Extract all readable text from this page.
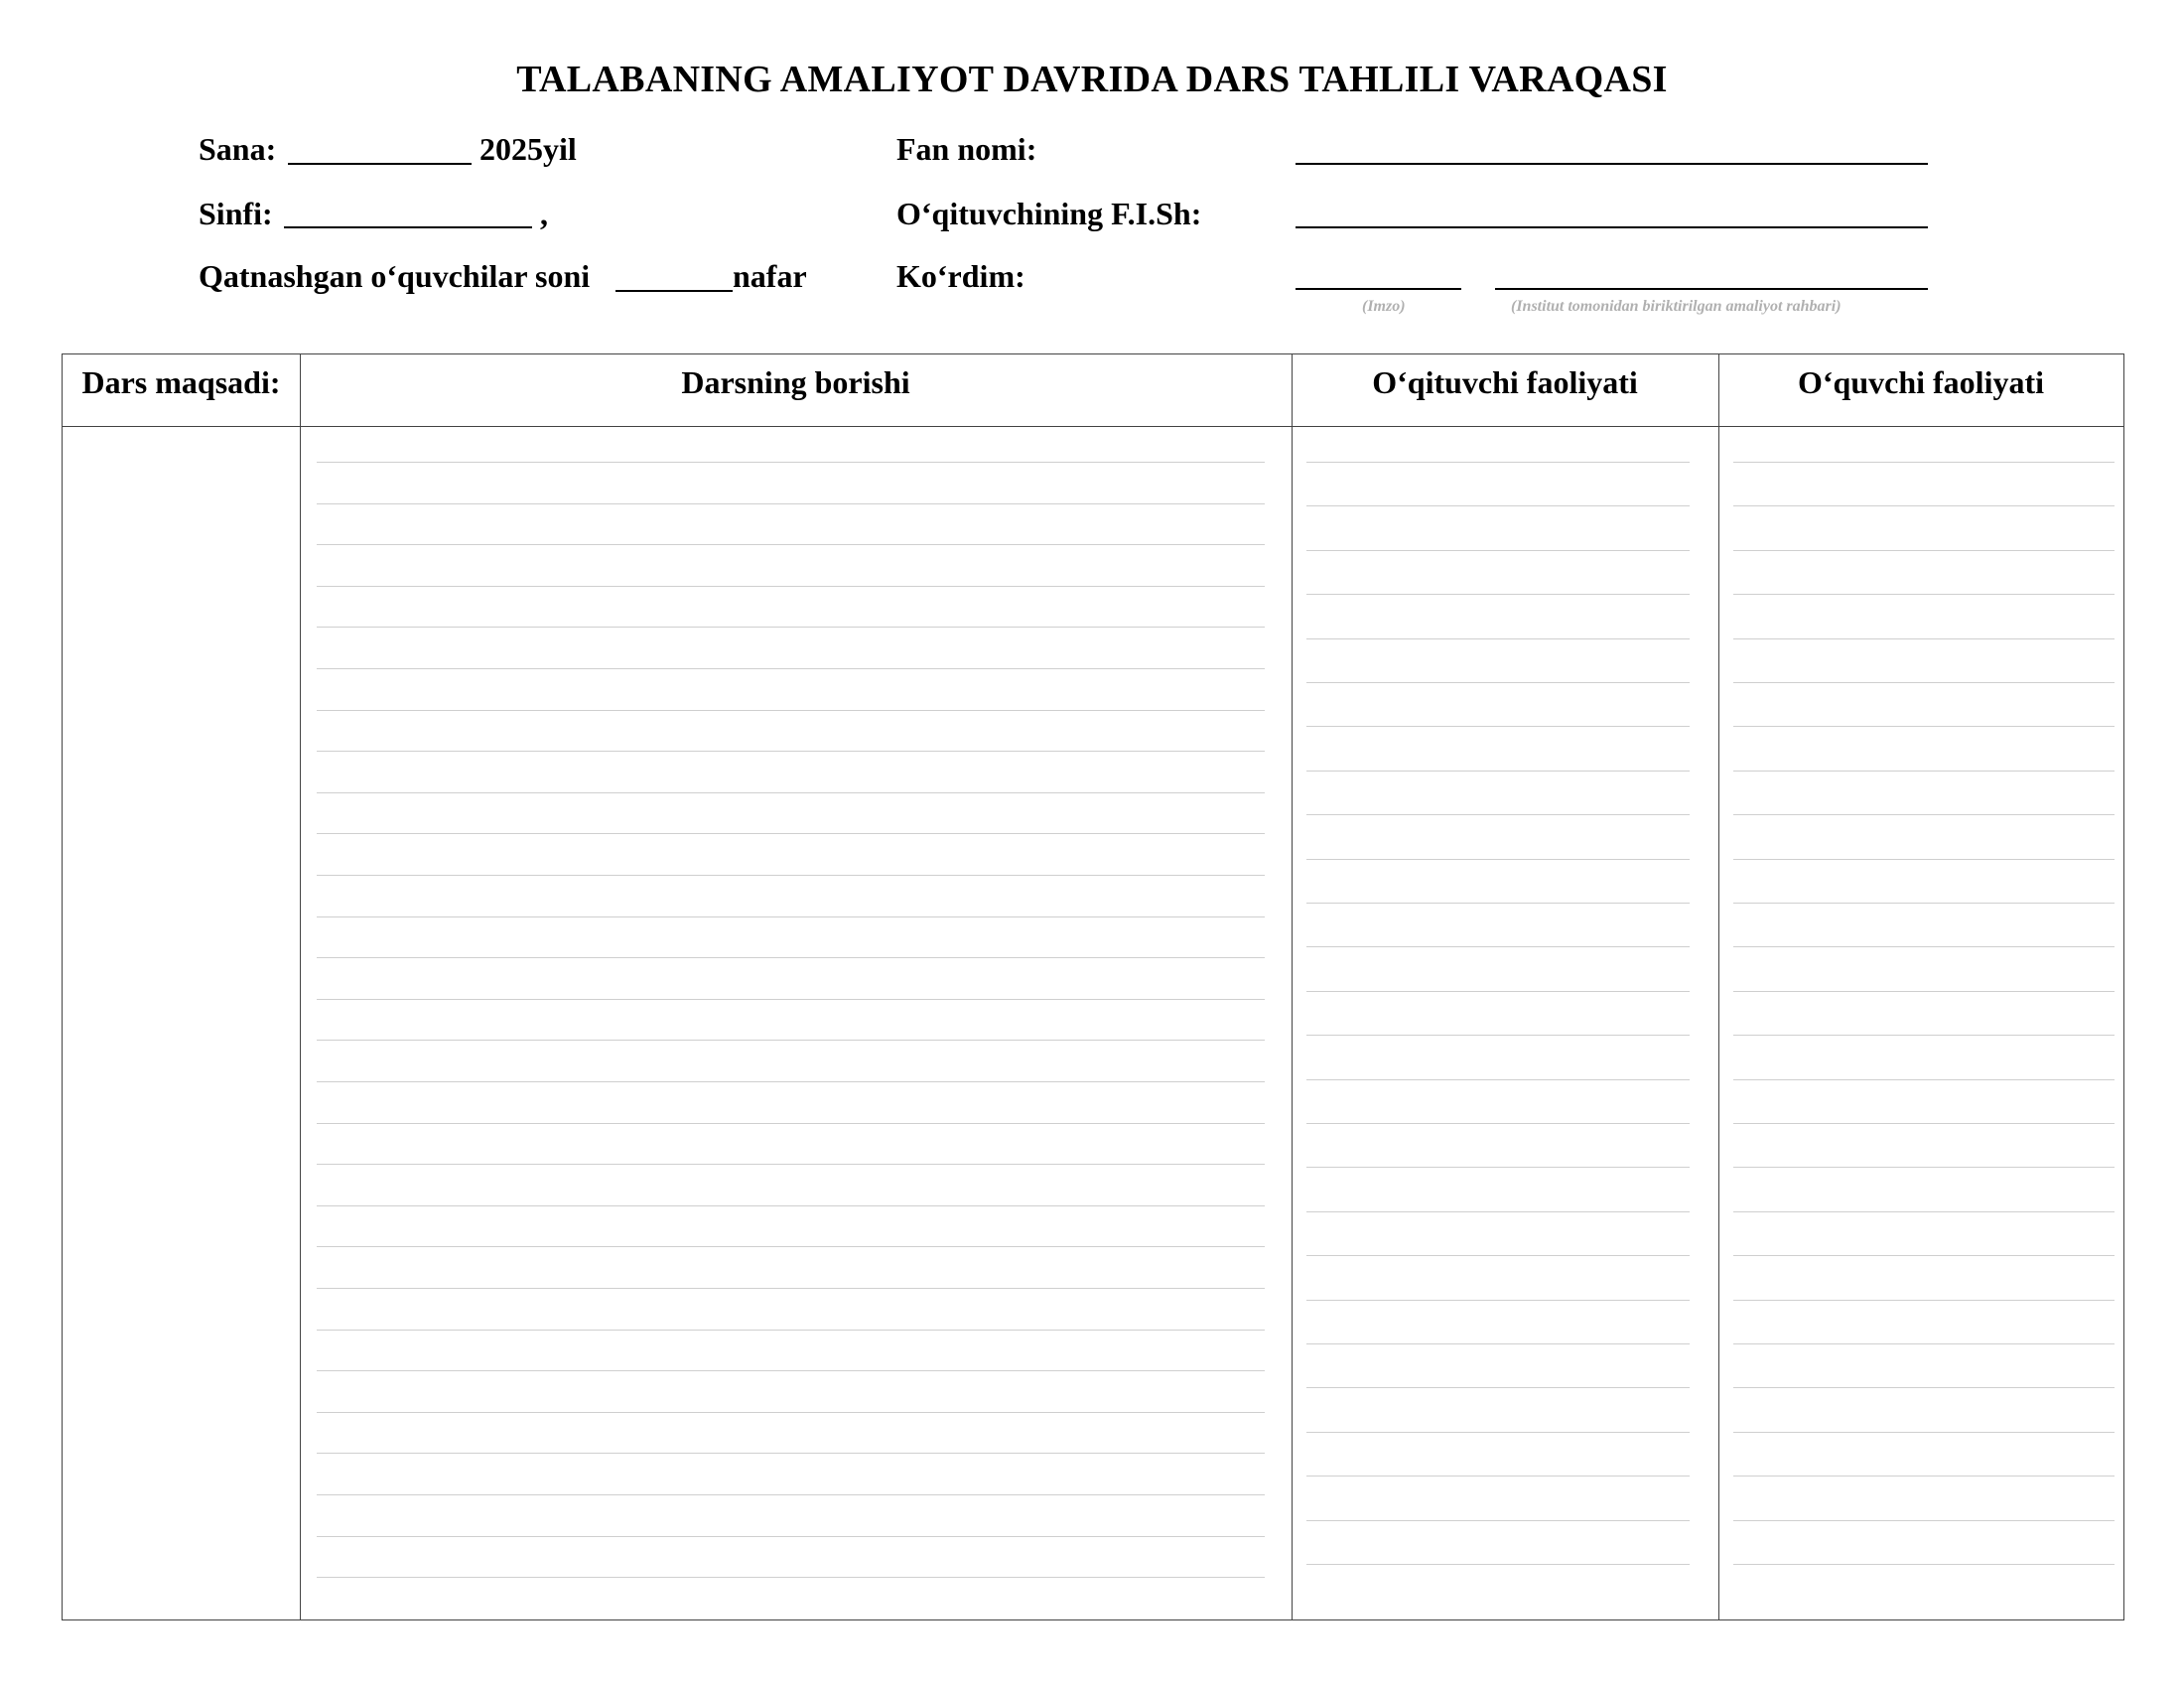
TALABANING AMALIYOT DAVRIDA DARS TAHLILI VARAQASI
Sana:	2025yil
Sinfi:	,
Qatnashgan o‘quvchilar soni	nafar
Fan nomi:
O‘qituvchining F.I.Sh:
Ko‘rdim:
(Imzo)	(Institut tomonidan biriktirilgan amaliyot rahbari)
Dars maqsadi:	Darsning borishi	O‘qituvchi faoliyati	O‘quvchi faoliyati
